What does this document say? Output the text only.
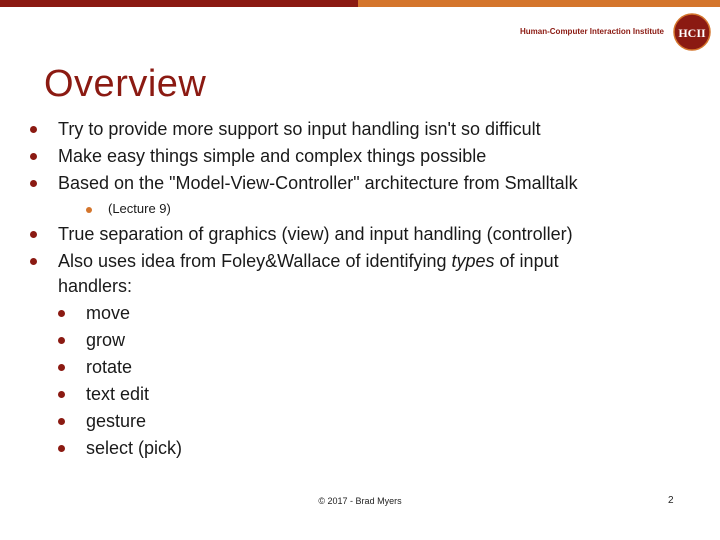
Human-Computer Interaction Institute HCII
Overview
Try to provide more support so input handling isn't so difficult
Make easy things simple and complex things possible
Based on the "Model-View-Controller" architecture from Smalltalk
(Lecture 9)
True separation of graphics (view) and input handling (controller)
Also uses idea from Foley&Wallace of identifying types of input
handlers:
move
grow
rotate
text edit
gesture
select (pick)
© 2017 - Brad Myers	2
